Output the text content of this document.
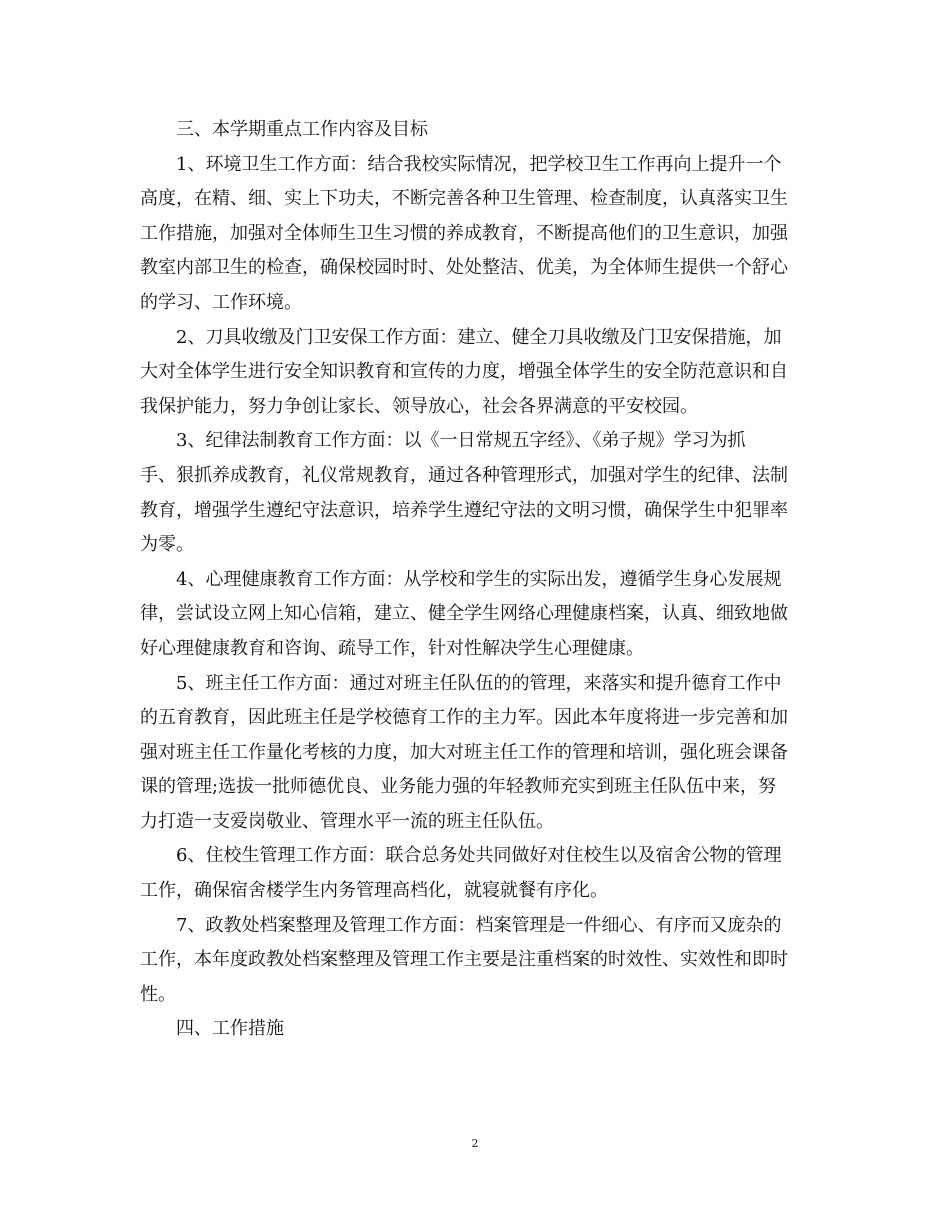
三、本学期重点工作内容及目标
1、环境卫生工作方面：结合我校实际情况，把学校卫生工作再向上提升一个
高度，在精、细、实上下功夫，不断完善各种卫生管理、检查制度，认真落实卫生
工作措施，加强对全体师生卫生习惯的养成教育，不断提高他们的卫生意识，加强
教室内部卫生的检查，确保校园时时、处处整洁、优美，为全体师生提供一个舒心
的学习、工作环境。
2、刀具收缴及门卫安保工作方面：建立、健全刀具收缴及门卫安保措施，加
大对全体学生进行安全知识教育和宣传的力度，增强全体学生的安全防范意识和自
我保护能力，努力争创让家长、领导放心，社会各界满意的平安校园。
3、纪律法制教育工作方面：以《一日常规五字经》、《弟子规》学习为抓
手、狠抓养成教育，礼仪常规教育，通过各种管理形式，加强对学生的纪律、法制
教育，增强学生遵纪守法意识，培养学生遵纪守法的文明习惯，确保学生中犯罪率
为零。
4、心理健康教育工作方面：从学校和学生的实际出发，遵循学生身心发展规
律，尝试设立网上知心信箱，建立、健全学生网络心理健康档案，认真、细致地做
好心理健康教育和咨询、疏导工作，针对性解决学生心理健康。
5、班主任工作方面：通过对班主任队伍的的管理，来落实和提升德育工作中
的五育教育，因此班主任是学校德育工作的主力军。因此本年度将进一步完善和加
强对班主任工作量化考核的力度，加大对班主任工作的管理和培训，强化班会课备
课的管理;选拔一批师德优良、业务能力强的年轻教师充实到班主任队伍中来，努
力打造一支爱岗敬业、管理水平一流的班主任队伍。
6、住校生管理工作方面：联合总务处共同做好对住校生以及宿舍公物的管理
工作，确保宿舍楼学生内务管理高档化，就寝就餐有序化。
7、政教处档案整理及管理工作方面：档案管理是一件细心、有序而又庞杂的
工作，本年度政教处档案整理及管理工作主要是注重档案的时效性、实效性和即时
性。
四、工作措施
2
